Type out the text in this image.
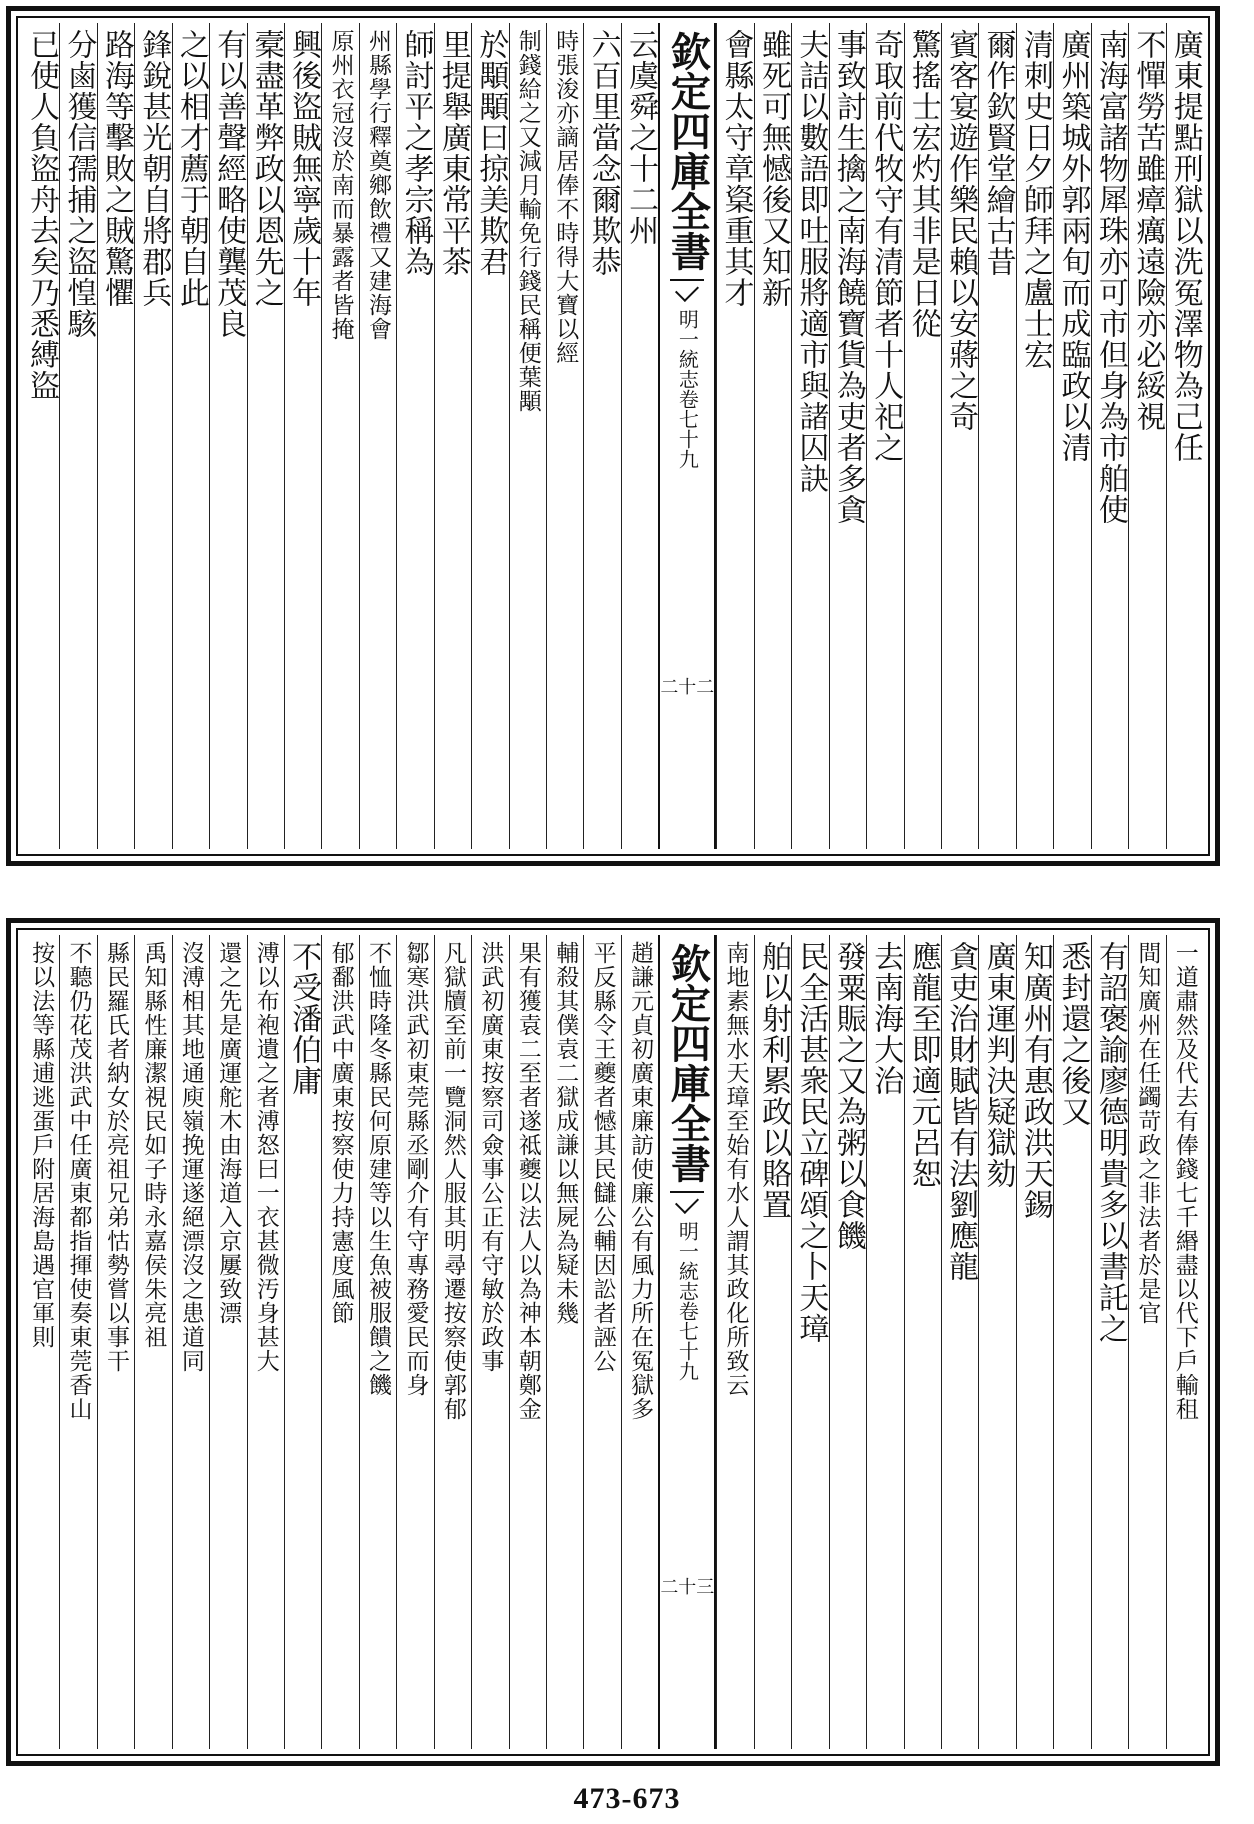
廣東提點刑獄以洗冤澤物為己任
不憚勞苦雖瘴癘遠險亦必綏視
南海富諸物犀珠亦可市但身為市舶使
廣州築城外郭兩旬而成臨政以清
清刺史日夕師拜之盧士宏
爾作欽賢堂繪古昔
賓客宴遊作樂民賴以安蔣之奇
驚搖士宏灼其非是日從
奇取前代牧守有清節者十人祀之
事致討生擒之南海饒寶貨為吏者多貪
夫詰以數語即吐服將適市與諸囚訣
雖死可無憾後又知新
會縣太守章楶重其才
欽定四庫全書
明一統志卷七十九
二十二
云虞舜之十二州
六百里當念爾欺恭
時張浚亦謫居俸不時得大寶以經
制錢給之又減月輸免行錢民稱便葉顒
於顒顒曰掠美欺君
里提舉廣東常平茶
師討平之孝宗稱為
州縣學行釋奠鄉飲禮又建海會
原州衣冠沒於南而暴露者皆掩
興後盜賊無寧歲十年
槖盡革弊政以恩先之
有以善聲經略使龔茂良
之以相才薦于朝自此
鋒銳甚光朝自將郡兵
路海等擊敗之賊驚懼
分鹵獲信孺捕之盜惶駭
已使人負盜舟去矣乃悉縛盜
一道肅然及代去有俸錢七千緡盡以代下戶輸租
間知廣州在任蠲苛政之非法者於是官
有詔褒諭廖德明貴多以書託之
悉封還之後又
知廣州有惠政洪天錫
廣東運判決疑獄劾
貪吏治財賦皆有法劉應龍
應龍至即適元呂恕
去南海大治
發粟賑之又為粥以食饑
民全活甚衆民立碑頌之卜天璋
舶以射利累政以賂置
南地素無水天璋至始有水人謂其政化所致云
欽定四庫全書
明一統志卷七十九
二十三
趙謙元貞初廣東廉訪使廉公有風力所在冤獄多
平反縣令王夔者憾其民讎公輔因訟者誣公
輔殺其僕袁二獄成謙以無屍為疑未幾
果有獲袁二至者遂祗夔以法人以為神本朝鄭金
洪武初廣東按察司僉事公正有守敏於政事
凡獄牘至前一覽洞然人服其明尋遷按察使郭郁
鄒寒洪武初東莞縣丞剛介有守專務愛民而身
不恤時隆冬縣民何原建等以生魚被服饋之饑
郁鄱洪武中廣東按察使力持憲度風節
不受潘伯庸
溥以布袍遺之者溥怒曰一衣甚微汚身甚大
還之先是廣運舵木由海道入京屢致漂
沒溥相其地通庾嶺挽運遂絕漂沒之患道同
禹知縣性廉潔視民如子時永嘉侯朱亮祖
縣民羅氏者納女於亮祖兄弟怙勢嘗以事干
不聽仍花茂洪武中任廣東都指揮使奏東莞香山
按以法等縣逋逃蛋戶附居海島遇官軍則
473-673
